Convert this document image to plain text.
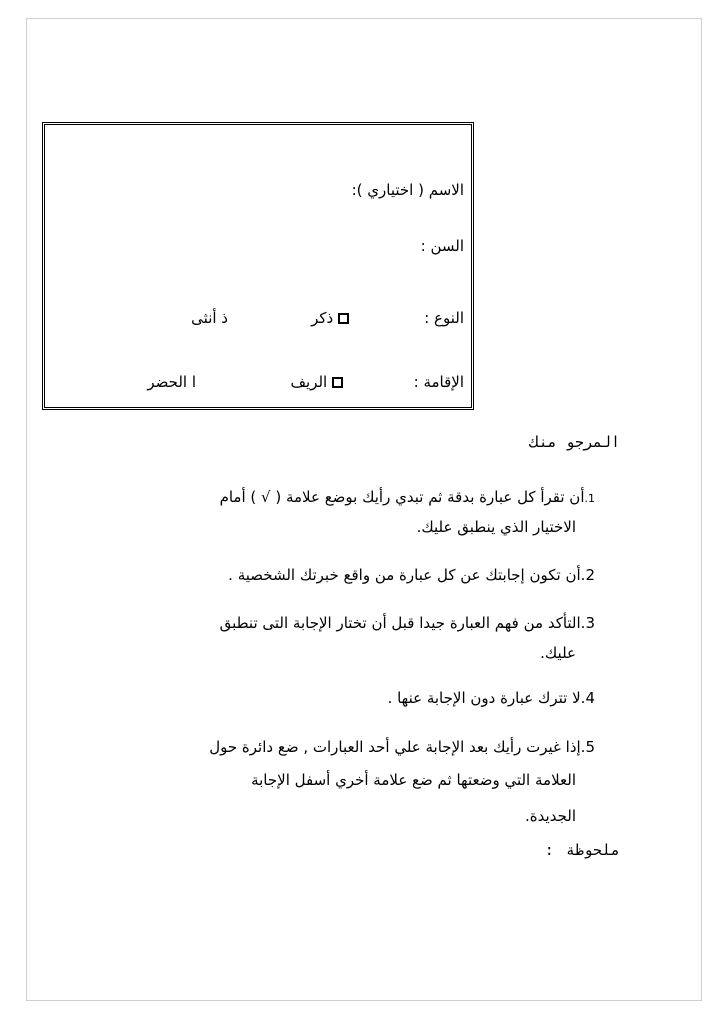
الاسم ( اختياري ):
السن :
النوع :
ذكر
ذ أنثى
الإقامة :
الريف
ا الحضر
المرجو منك
1.أن تقرأ كل عبارة بدقة ثم تبدي رأيك بوضع علامة ( √ ) أمام
الاختيار الذي ينطبق عليك.
2.أن تكون إجابتك عن كل عبارة من واقع خبرتك الشخصية .
3.التأكد من فهم العبارة جيدا قبل أن تختار الإجابة التى تنطبق
عليك.
4.لا تترك عبارة دون الإجابة عنها .
5.إذا غيرت رأيك بعد الإجابة علي أحد العبارات , ضع دائرة حول
العلامة التي وضعتها ثم ضع علامة أخري أسفل الإجابة
الجديدة.
ملحوظة:
